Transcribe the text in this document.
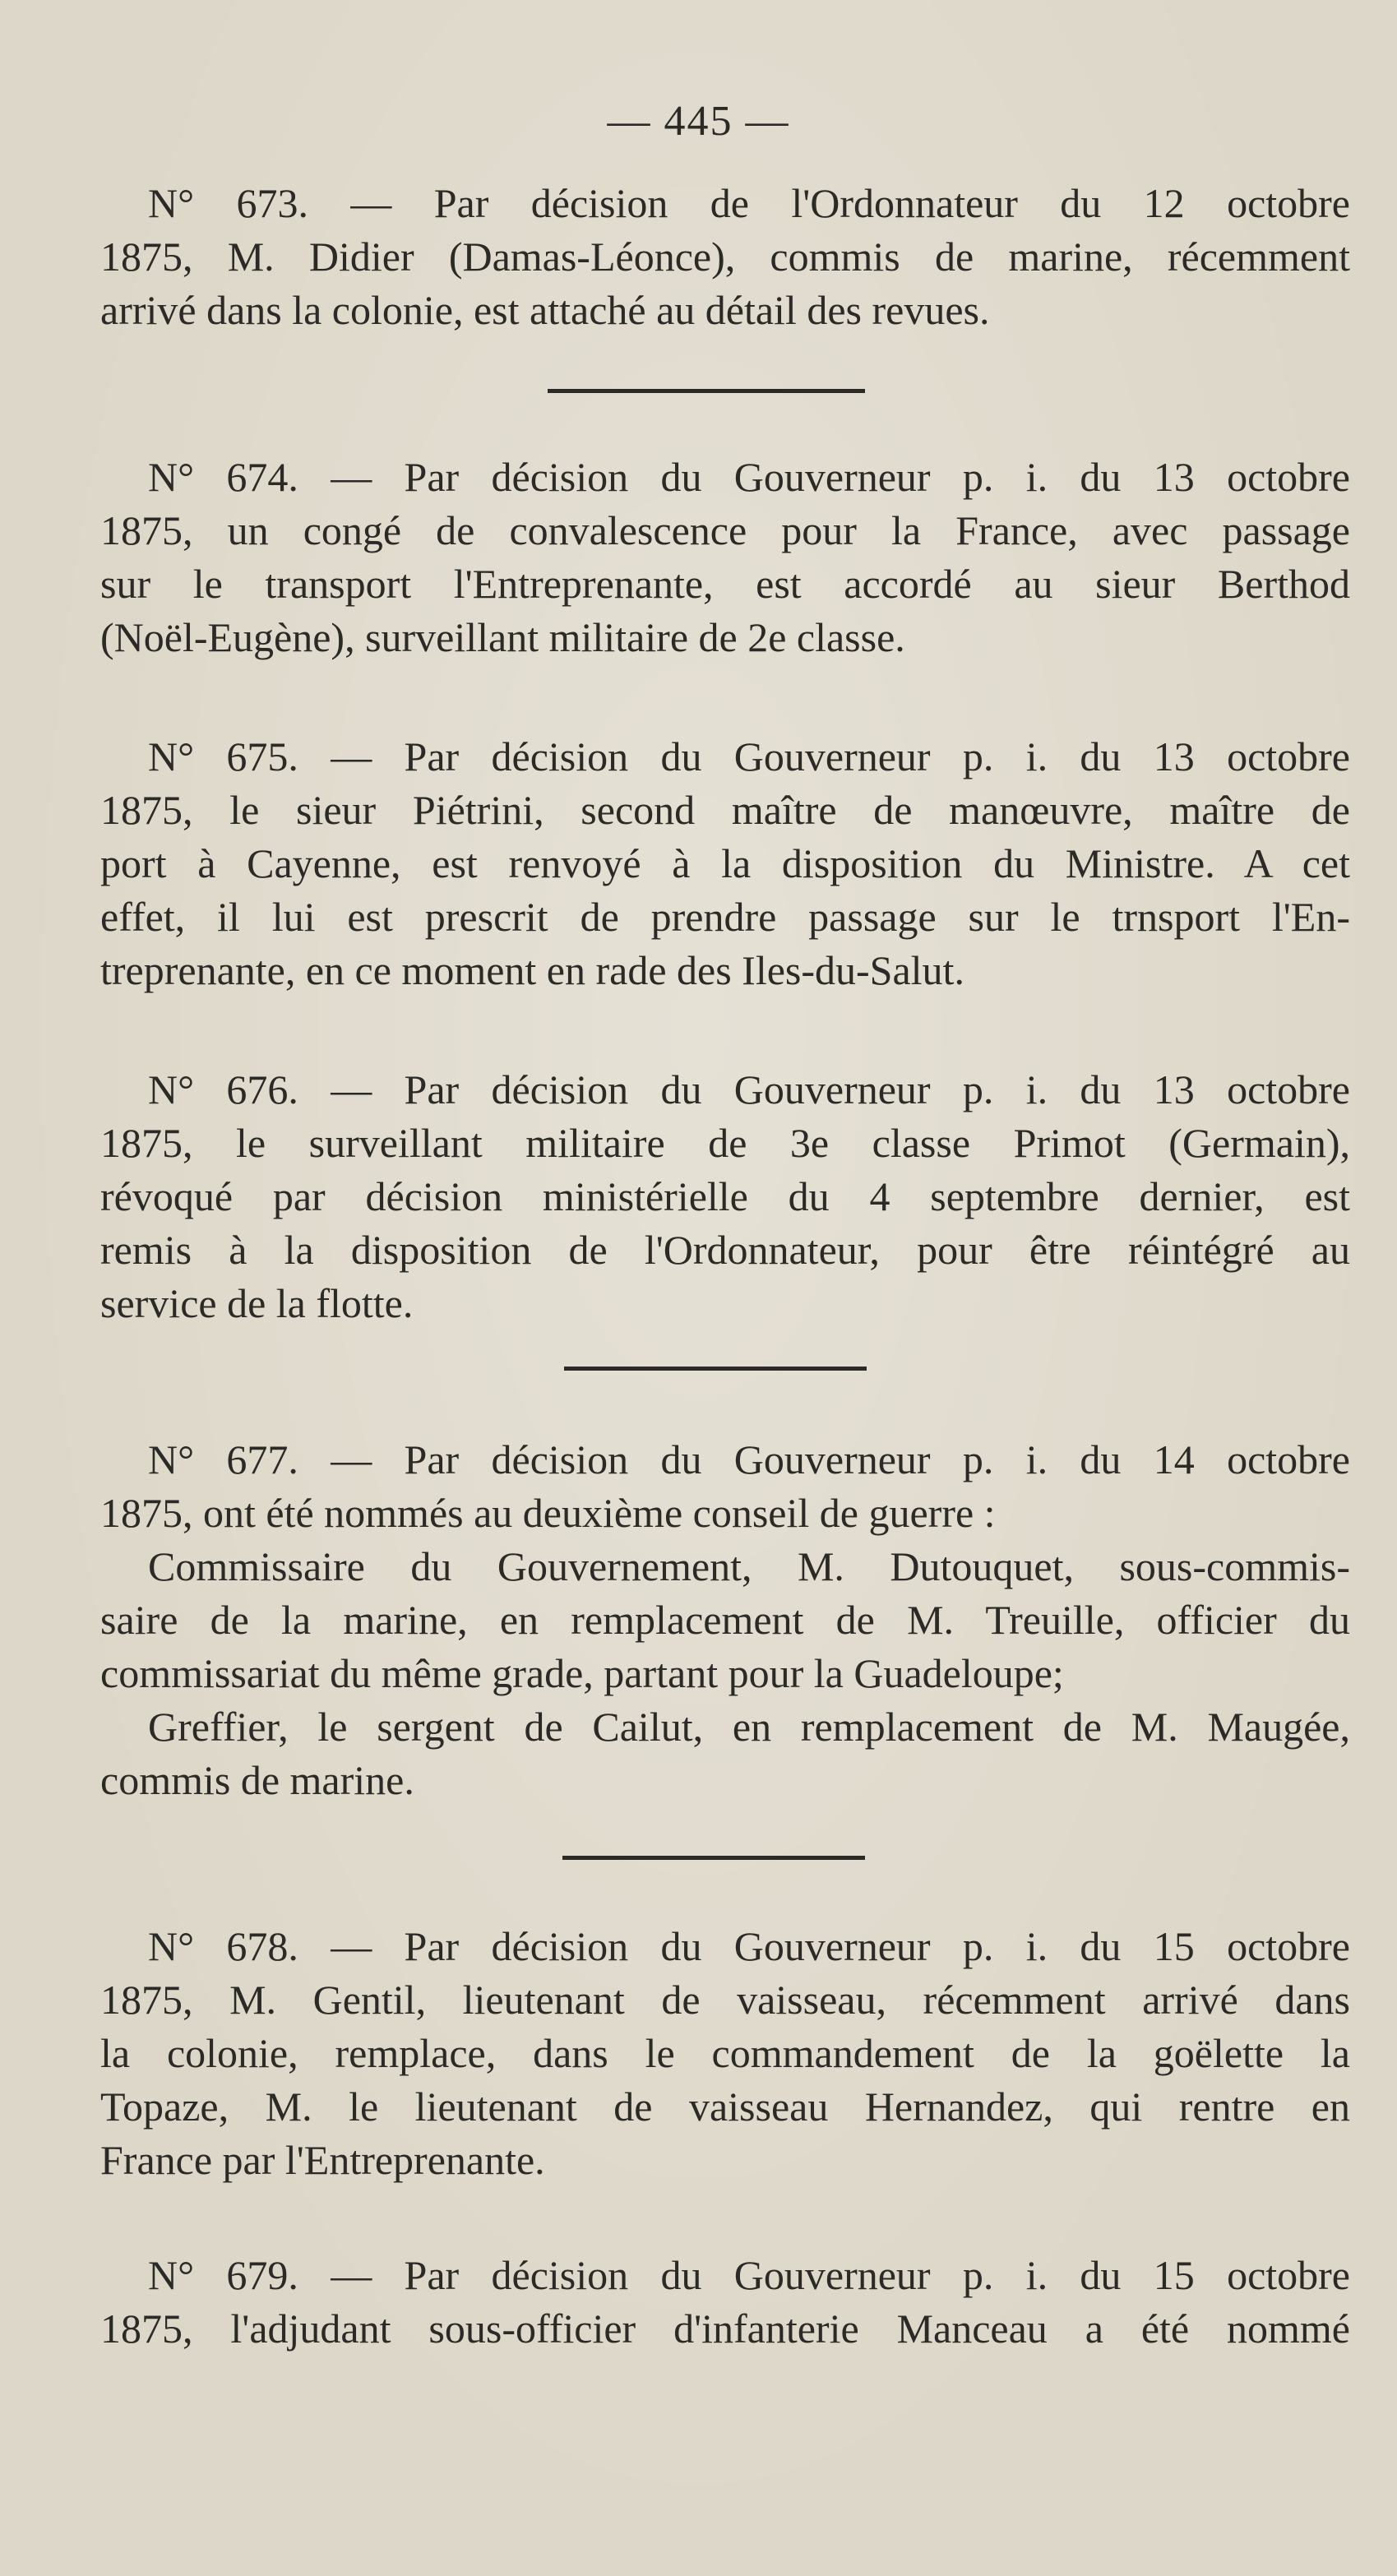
— 445 —
N° 673. — Par décision de l'Ordonnateur du 12 octobre
1875, M. Didier (Damas-Léonce), commis de marine, récemment
arrivé dans la colonie, est attaché au détail des revues.
N° 674. — Par décision du Gouverneur p. i. du 13 octobre
1875, un congé de convalescence pour la France, avec passage
sur le transport l'Entreprenante, est accordé au sieur Berthod
(Noël-Eugène), surveillant militaire de 2e classe.
N° 675. — Par décision du Gouverneur p. i. du 13 octobre
1875, le sieur Piétrini, second maître de manœuvre, maître de
port à Cayenne, est renvoyé à la disposition du Ministre. A cet
effet, il lui est prescrit de prendre passage sur le trnsport l'En-
treprenante, en ce moment en rade des Iles-du-Salut.
N° 676. — Par décision du Gouverneur p. i. du 13 octobre
1875, le surveillant militaire de 3e classe Primot (Germain),
révoqué par décision ministérielle du 4 septembre dernier, est
remis à la disposition de l'Ordonnateur, pour être réintégré au
service de la flotte.
N° 677. — Par décision du Gouverneur p. i. du 14 octobre
1875, ont été nommés au deuxième conseil de guerre :
Commissaire du Gouvernement, M. Dutouquet, sous-commis-
saire de la marine, en remplacement de M. Treuille, officier du
commissariat du même grade, partant pour la Guadeloupe;
Greffier, le sergent de Cailut, en remplacement de M. Maugée,
commis de marine.
N° 678. — Par décision du Gouverneur p. i. du 15 octobre
1875, M. Gentil, lieutenant de vaisseau, récemment arrivé dans
la colonie, remplace, dans le commandement de la goëlette la
Topaze, M. le lieutenant de vaisseau Hernandez, qui rentre en
France par l'Entreprenante.
N° 679. — Par décision du Gouverneur p. i. du 15 octobre
1875, l'adjudant sous-officier d'infanterie Manceau a été nommé
